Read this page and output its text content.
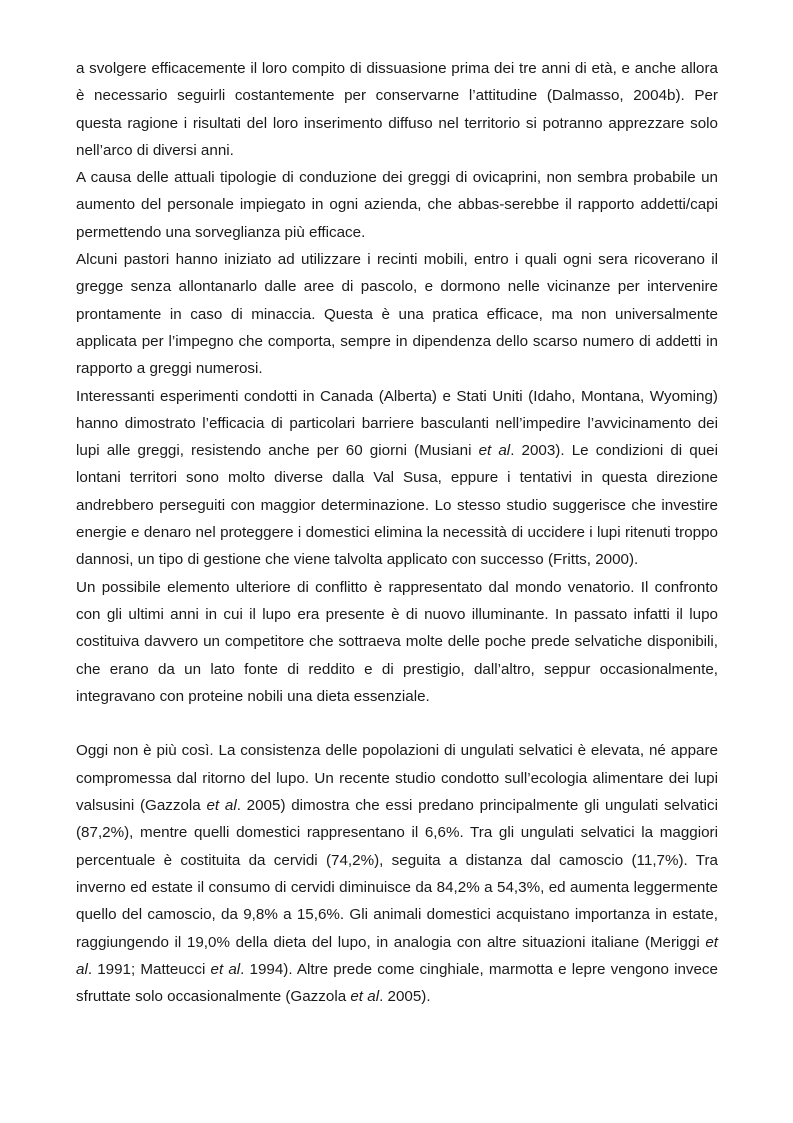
a svolgere efficacemente il loro compito di dissuasione prima dei tre anni di età, e anche allora è necessario seguirli costantemente per conservarne l’attitudine (Dalmasso, 2004b). Per questa ragione i risultati del loro inserimento diffuso nel territorio si potranno apprezzare solo nell’arco di diversi anni.

A causa delle attuali tipologie di conduzione dei greggi di ovicaprini, non sembra probabile un aumento del personale impiegato in ogni azienda, che abbas-serebbe il rapporto addetti/capi permettendo una sorveglianza più efficace.

Alcuni pastori hanno iniziato ad utilizzare i recinti mobili, entro i quali ogni sera ricoverano il gregge senza allontanarlo dalle aree di pascolo, e dormono nelle vicinanze per intervenire prontamente in caso di minaccia. Questa è una pratica efficace, ma non universalmente applicata per l’impegno che comporta, sempre in dipendenza dello scarso numero di addetti in rapporto a greggi numerosi.

Interessanti esperimenti condotti in Canada (Alberta) e Stati Uniti (Idaho, Montana, Wyoming) hanno dimostrato l’efficacia di particolari barriere basculanti nell’impedire l’avvicinamento dei lupi alle greggi, resistendo anche per 60 giorni (Musiani et al. 2003). Le condizioni di quei lontani territori sono molto diverse dalla Val Susa, eppure i tentativi in questa direzione andrebbero perseguiti con maggior determinazione. Lo stesso studio suggerisce che investire energie e denaro nel proteggere i domestici elimina la necessità di uccidere i lupi ritenuti troppo dannosi, un tipo di gestione che viene talvolta applicato con successo (Fritts, 2000).

Un possibile elemento ulteriore di conflitto è rappresentato dal mondo venatorio. Il confronto con gli ultimi anni in cui il lupo era presente è di nuovo illuminante. In passato infatti il lupo costituiva davvero un competitore che sottraeva molte delle poche prede selvatiche disponibili, che erano da un lato fonte di reddito e di prestigio, dall’altro, seppur occasionalmente, integravano con proteine nobili una dieta essenziale.

Oggi non è più così. La consistenza delle popolazioni di ungulati selvatici è elevata, né appare compromessa dal ritorno del lupo. Un recente studio condotto sull’ecologia alimentare dei lupi valsusini (Gazzola et al. 2005) dimostra che essi predano principalmente gli ungulati selvatici (87,2%), mentre quelli domestici rappresentano il 6,6%. Tra gli ungulati selvatici la maggiori percentuale è costituita da cervidi (74,2%), seguita a distanza dal camoscio (11,7%). Tra inverno ed estate il consumo di cervidi diminuisce da 84,2% a 54,3%, ed aumenta leggermente quello del camoscio, da 9,8% a 15,6%. Gli animali domestici acquistano importanza in estate, raggiungendo il 19,0% della dieta del lupo, in analogia con altre situazioni italiane (Meriggi et al. 1991; Matteucci et al. 1994). Altre prede come cinghiale, marmotta e lepre vengono invece sfruttate solo occasionalmente (Gazzola et al. 2005).
